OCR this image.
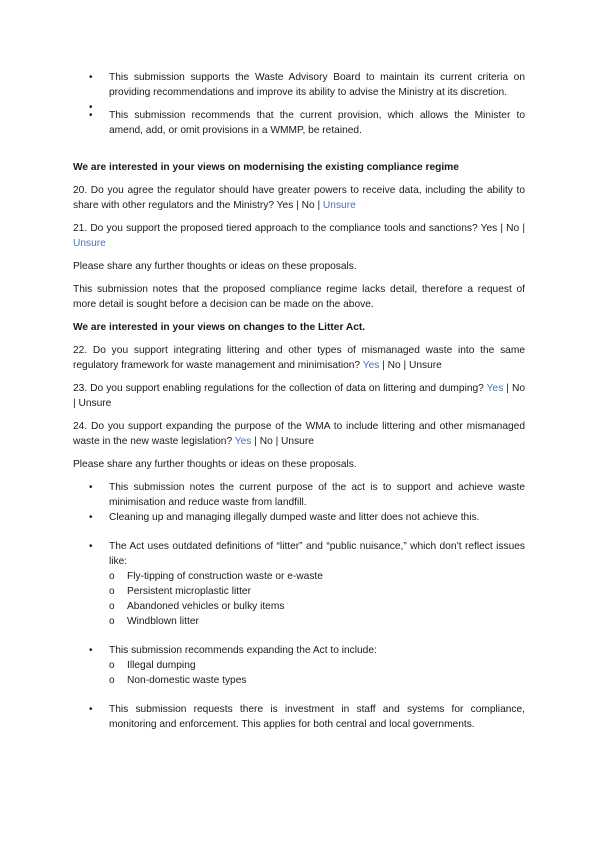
• This submission supports the Waste Advisory Board to maintain its current criteria on providing recommendations and improve its ability to advise the Ministry at its discretion.
•
• This submission recommends that the current provision, which allows the Minister to amend, add, or omit provisions in a WMMP, be retained.

We are interested in your views on modernising the existing compliance regime

20. Do you agree the regulator should have greater powers to receive data, including the ability to share with other regulators and the Ministry? Yes | No | Unsure

21. Do you support the proposed tiered approach to the compliance tools and sanctions? Yes | No | Unsure

Please share any further thoughts or ideas on these proposals.

This submission notes that the proposed compliance regime lacks detail, therefore a request of more detail is sought before a decision can be made on the above.

We are interested in your views on changes to the Litter Act.

22. Do you support integrating littering and other types of mismanaged waste into the same regulatory framework for waste management and minimisation? Yes | No | Unsure

23. Do you support enabling regulations for the collection of data on littering and dumping? Yes | No | Unsure

24. Do you support expanding the purpose of the WMA to include littering and other mismanaged waste in the new waste legislation? Yes | No | Unsure

Please share any further thoughts or ideas on these proposals.

• This submission notes the current purpose of the act is to support and achieve waste minimisation and reduce waste from landfill.
• Cleaning up and managing illegally dumped waste and litter does not achieve this.
• The Act uses outdated definitions of “litter” and “public nuisance,” which don’t reflect issues like:
o Fly-tipping of construction waste or e-waste
o Persistent microplastic litter
o Abandoned vehicles or bulky items
o Windblown litter
• This submission recommends expanding the Act to include:
o Illegal dumping
o Non-domestic waste types
• This submission requests there is investment in staff and systems for compliance, monitoring and enforcement. This applies for both central and local governments.
